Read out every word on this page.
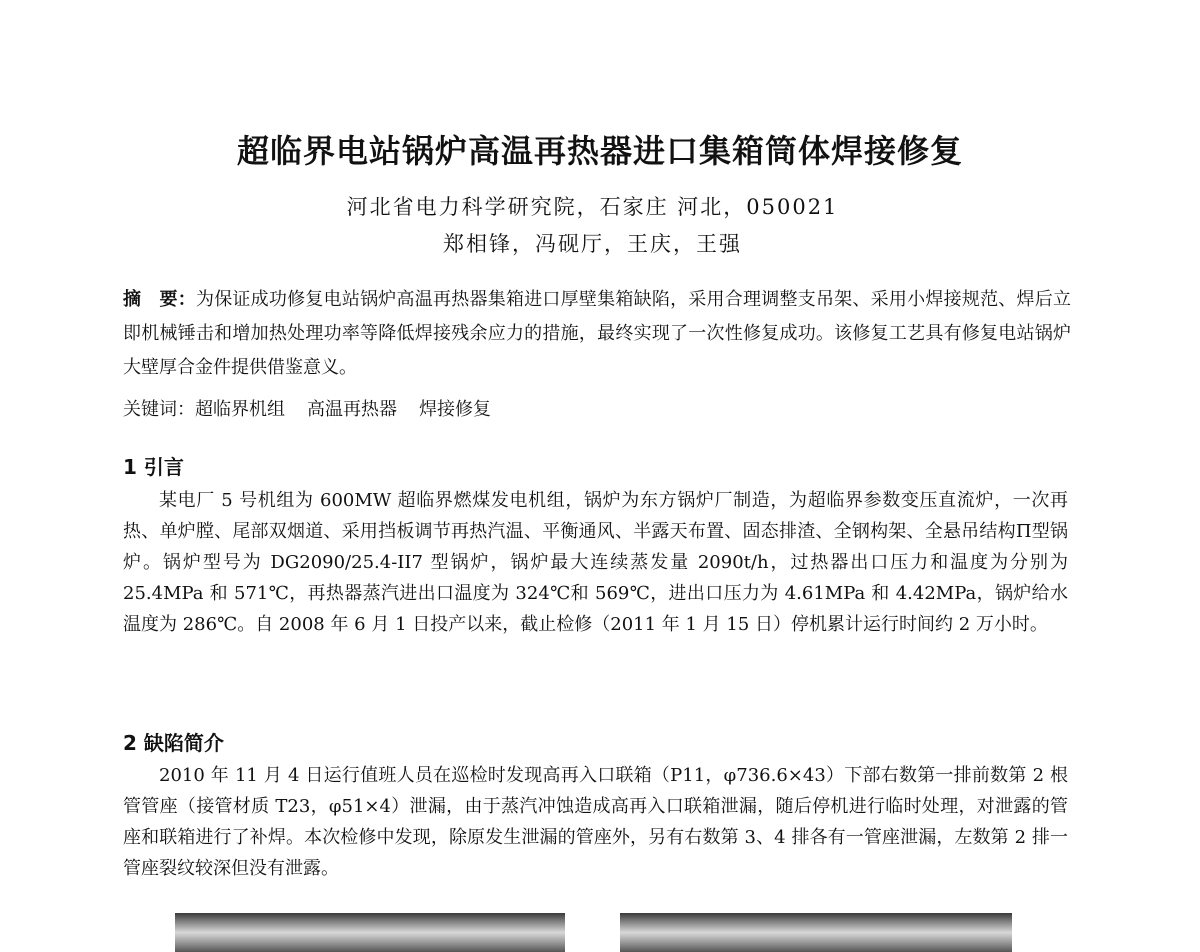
超临界电站锅炉高温再热器进口集箱筒体焊接修复
河北省电力科学研究院，石家庄 河北，050021
郑相锋，冯砚厅，王庆，王强

摘　要：为保证成功修复电站锅炉高温再热器集箱进口厚壁集箱缺陷，采用合理调整支吊架、采用小焊接规范、焊后立即机械锤击和增加热处理功率等降低焊接残余应力的措施，最终实现了一次性修复成功。该修复工艺具有修复电站锅炉大壁厚合金件提供借鉴意义。

关键词：超临界机组 高温再热器 焊接修复

1 引言

某电厂 5 号机组为 600MW 超临界燃煤发电机组，锅炉为东方锅炉厂制造，为超临界参数变压直流炉，一次再热、单炉膛、尾部双烟道、采用挡板调节再热汽温、平衡通风、半露天布置、固态排渣、全钢构架、全悬吊结构Π型锅炉。锅炉型号为 DG2090/25.4-II7 型锅炉，锅炉最大连续蒸发量 2090t/h，过热器出口压力和温度为分别为 25.4MPa 和 571℃，再热器蒸汽进出口温度为 324℃和 569℃，进出口压力为 4.61MPa 和 4.42MPa，锅炉给水温度为 286℃。自 2008 年 6 月 1 日投产以来，截止检修（2011 年 1 月 15 日）停机累计运行时间约 2 万小时。

2 缺陷简介

2010 年 11 月 4 日运行值班人员在巡检时发现高再入口联箱（P11，φ736.6×43）下部右数第一排前数第 2 根管管座（接管材质 T23，φ51×4）泄漏，由于蒸汽冲蚀造成高再入口联箱泄漏，随后停机进行临时处理，对泄露的管座和联箱进行了补焊。本次检修中发现，除原发生泄漏的管座外，另有右数第 3、4 排各有一管座泄漏，左数第 2 排一管座裂纹较深但没有泄露。
